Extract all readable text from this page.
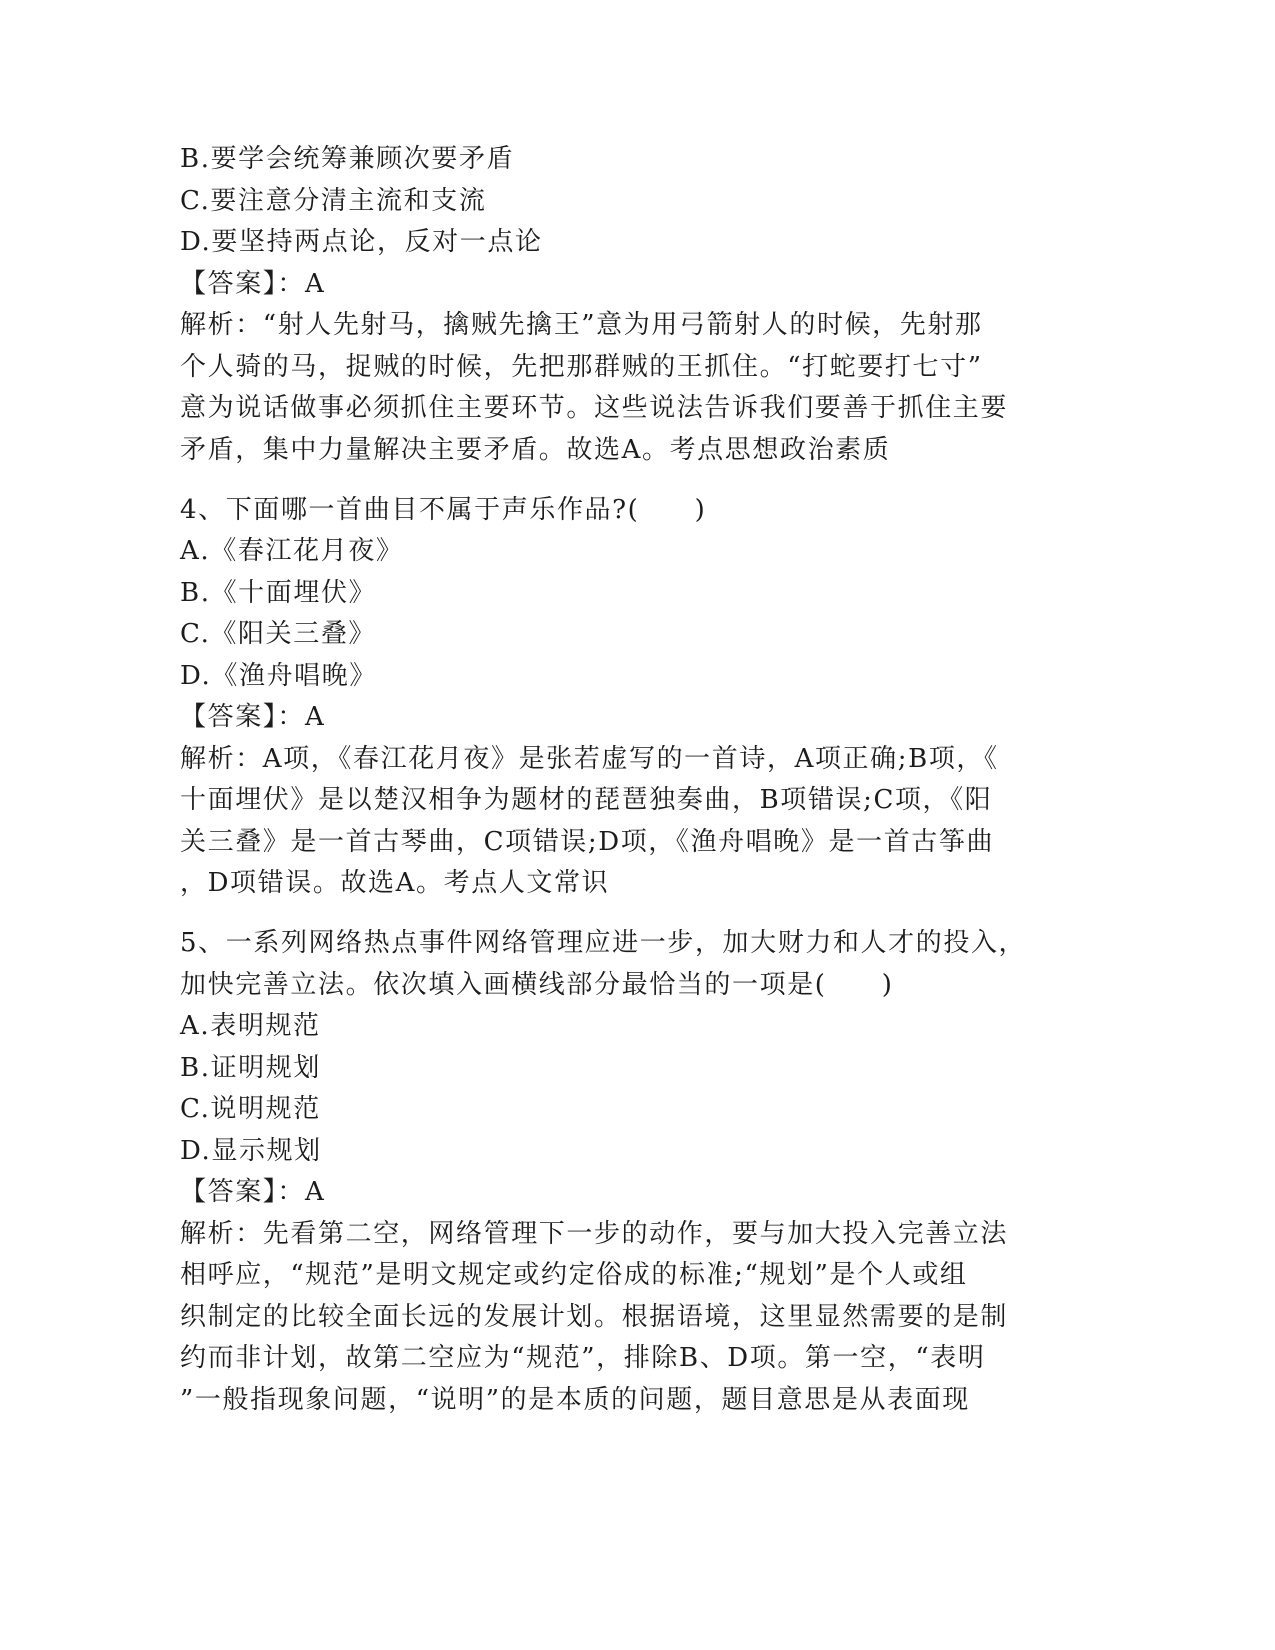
B.要学会统筹兼顾次要矛盾
C.要注意分清主流和支流
D.要坚持两点论，反对一点论
【答案】：A
解析：“射人先射马，擒贼先擒王”意为用弓箭射人的时候，先射那
个人骑的马，捉贼的时候，先把那群贼的王抓住。“打蛇要打七寸”
意为说话做事必须抓住主要环节。这些说法告诉我们要善于抓住主要
矛盾，集中力量解决主要矛盾。故选A。考点思想政治素质
4、下面哪一首曲目不属于声乐作品?(　　)
A.《春江花月夜》
B.《十面埋伏》
C.《阳关三叠》
D.《渔舟唱晚》
【答案】：A
解析：A项，《春江花月夜》是张若虚写的一首诗，A项正确;B项，《
十面埋伏》是以楚汉相争为题材的琵琶独奏曲，B项错误;C项，《阳
关三叠》是一首古琴曲，C项错误;D项，《渔舟唱晚》是一首古筝曲
，D项错误。故选A。考点人文常识
5、一系列网络热点事件网络管理应进一步，加大财力和人才的投入，
加快完善立法。依次填入画横线部分最恰当的一项是(　　)
A.表明规范
B.证明规划
C.说明规范
D.显示规划
【答案】：A
解析：先看第二空，网络管理下一步的动作，要与加大投入完善立法
相呼应，“规范”是明文规定或约定俗成的标准;“规划”是个人或组
织制定的比较全面长远的发展计划。根据语境，这里显然需要的是制
约而非计划，故第二空应为“规范”，排除B、D项。第一空，“表明
”一般指现象问题，“说明”的是本质的问题，题目意思是从表面现
